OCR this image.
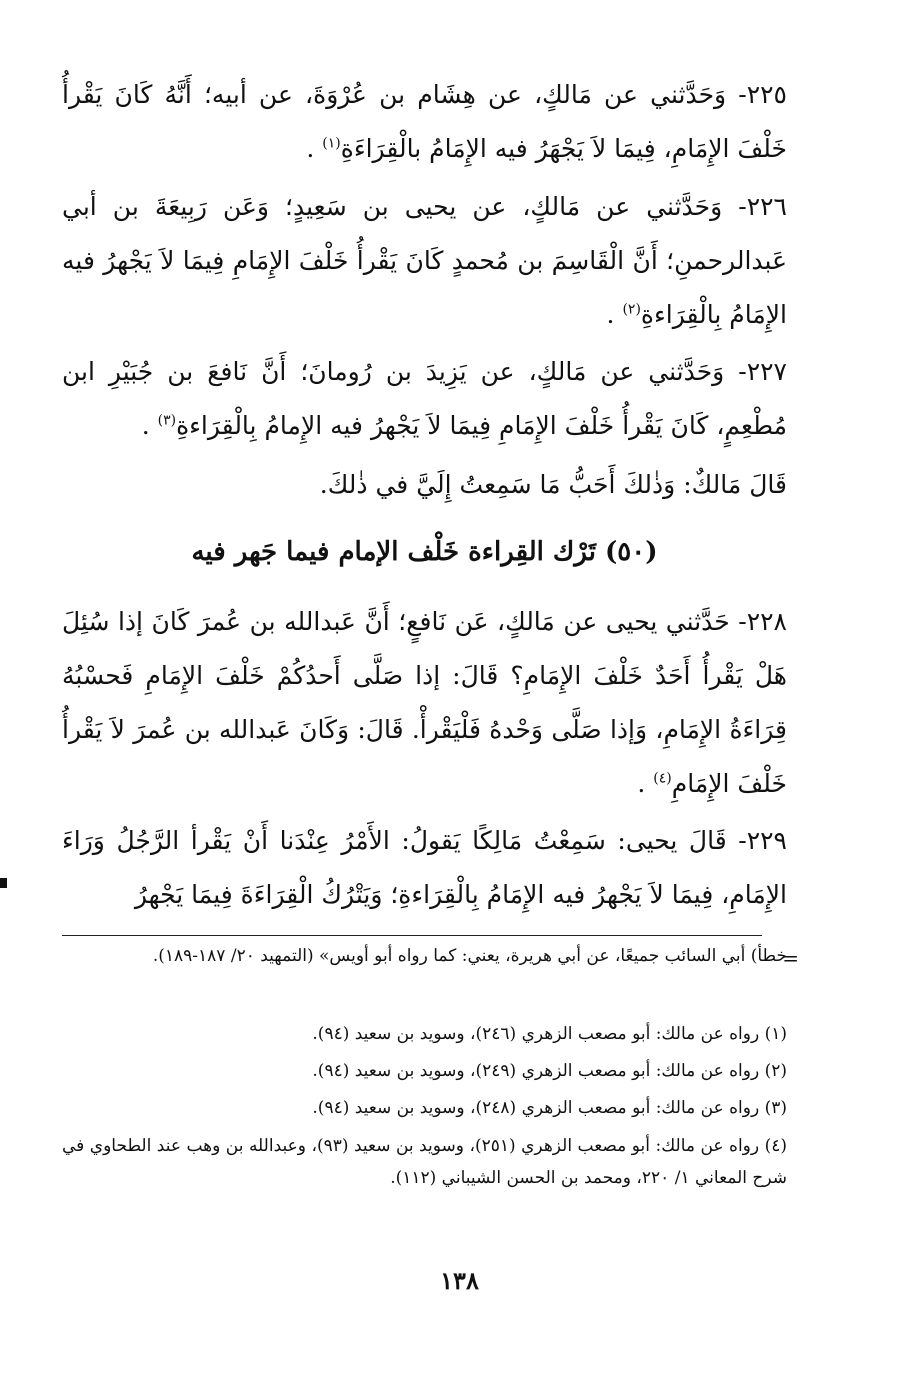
٢٢٥- وَحَدَّثني عن مَالكٍ، عن هِشَام بن عُرْوَةَ، عن أبيه؛ أَنَّهُ كَانَ يَقْرأُ خَلْفَ الإِمَامِ، فِيمَا لاَ يَجْهَرُ فيه الإِمَامُ بالْقِرَاءَةِ$^{(١)}$ .
٢٢٦- وَحَدَّثني عن مَالكٍ، عن يحيى بن سَعِيدٍ؛ وَعَن رَبِيعَةَ بن أبي عَبدالرحمنِ؛ أَنَّ الْقَاسِمَ بن مُحمدٍ كَانَ يَقْرأُ خَلْفَ الإِمَامِ فِيمَا لاَ يَجْهرُ فيه الإِمَامُ بِالْقِرَاءةِ$^{(٢)}$ .
٢٢٧- وَحَدَّثني عن مَالكٍ، عن يَزِيدَ بن رُومانَ؛ أَنَّ نَافعَ بن جُبَيْرِ ابن مُطْعِمٍ، كَانَ يَقْرأُ خَلْفَ الإِمَامِ فِيمَا لاَ يَجْهرُ فيه الإِمامُ بِالْقِرَاءةِ$^{(٣)}$ .
قَالَ مَالكٌ: وَذٰلكَ أَحَبُّ مَا سَمِعتُ إِلَيَّ في ذٰلكَ.
(٥٠) تَرْك القِراءة خَلْف الإمام فيما جَهر فيه
٢٢٨- حَدَّثني يحيى عن مَالكٍ، عَن نَافعٍ؛ أَنَّ عَبدالله بن عُمرَ كَانَ إذا سُئِلَ هَلْ يَقْرأُ أَحَدٌ خَلْفَ الإِمَامِ؟ قَالَ: إذا صَلَّى أَحدُكُمْ خَلْفَ الإِمَامِ فَحسْبُهُ قِرَاءَةُ الإِمَامِ، وَإذا صَلَّى وَحْدهُ فَلْيَقْرأْ. قَالَ: وَكَانَ عَبدالله بن عُمرَ لاَ يَقْرأُ خَلْفَ الإِمَامِ$^{(٤)}$ .
٢٢٩- قَالَ يحيى: سَمِعْتُ مَالِكًا يَقولُ: الأَمْرُ عِنْدَنا أَنْ يَقْرأ الرَّجُلُ وَرَاءَ الإِمَامِ، فِيمَا لاَ يَجْهرُ فيه الإِمَامُ بِالْقِرَاءةِ؛ وَيَتْرُكُ الْقِرَاءَةَ فِيمَا يَجْهرُ
=
خطأ) أبي السائب جميعًا، عن أبي هريرة، يعني: كما رواه أبو أويس» (التمهيد ٢٠/ ١٨٧-١٨٩).
(١) رواه عن مالك: أبو مصعب الزهري (٢٤٦)، وسويد بن سعيد (٩٤).
(٢) رواه عن مالك: أبو مصعب الزهري (٢٤٩)، وسويد بن سعيد (٩٤).
(٣) رواه عن مالك: أبو مصعب الزهري (٢٤٨)، وسويد بن سعيد (٩٤).
(٤) رواه عن مالك: أبو مصعب الزهري (٢٥١)، وسويد بن سعيد (٩٣)، وعبدالله بن وهب عند الطحاوي في شرح المعاني ١/ ٢٢٠، ومحمد بن الحسن الشيباني (١١٢).
١٣٨
